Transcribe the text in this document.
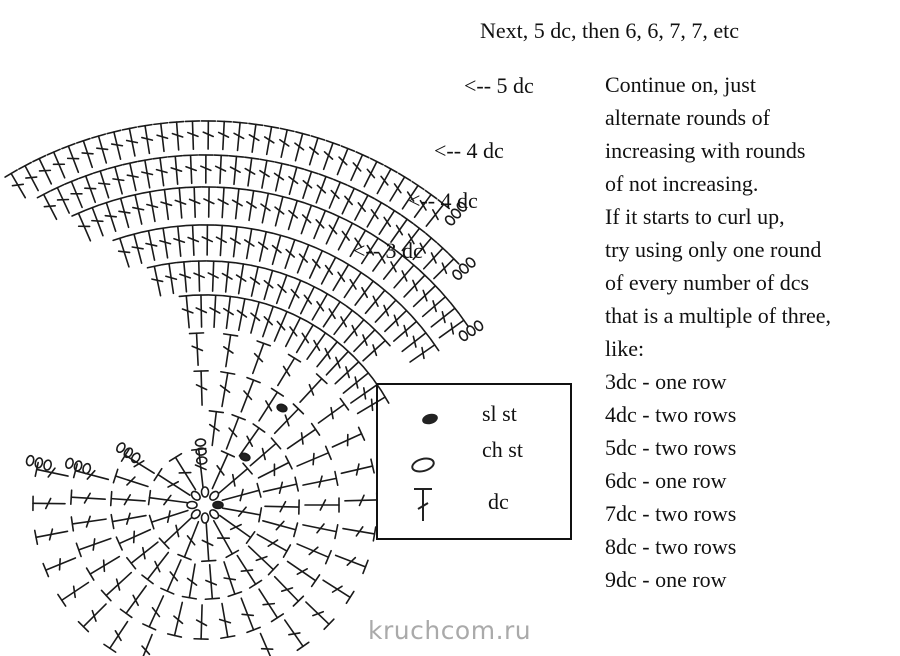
Next, 5 dc, then 6, 6, 7, 7, etc
<-- 5 dc
<-- 4 dc
<-- 4 dc
<-- 3 dc
Continue on, just
alternate rounds of
increasing with rounds
of not increasing.
If it starts to curl up,
try using only one round
of every number of dcs
that is a multiple of three,
like:
3dc - one row
4dc - two rows
5dc - two rows
6dc - one row
7dc - two rows
8dc - two rows
9dc - one row
sl st
ch st
dc
kruchcom.ru
